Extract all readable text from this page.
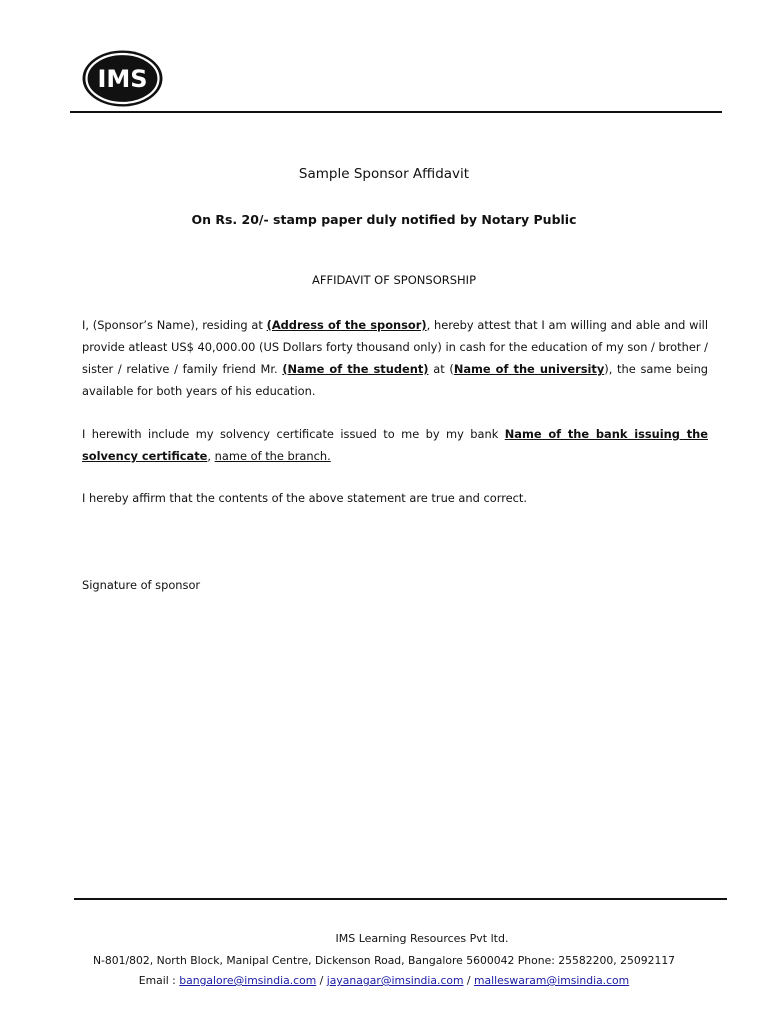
IMS
Sample Sponsor Affidavit

On Rs. 20/- stamp paper duly notified by Notary Public

AFFIDAVIT OF SPONSORSHIP

I, (Sponsor’s Name), residing at (Address of the sponsor), hereby attest that I am willing and able and will provide atleast US$ 40,000.00 (US Dollars forty thousand only) in cash for the education of my son / brother / sister / relative / family friend Mr. (Name of the student) at (Name of the university), the same being available for both years of his education.

I herewith include my solvency certificate issued to me by my bank Name of the bank issuing the solvency certificate, name of the branch.

I hereby affirm that the contents of the above statement are true and correct.

Signature of sponsor

IMS Learning Resources Pvt ltd.

N-801/802, North Block, Manipal Centre, Dickenson Road, Bangalore 5600042 Phone: 25582200, 25092117

Email : bangalore@imsindia.com / jayanagar@imsindia.com / malleswaram@imsindia.com
